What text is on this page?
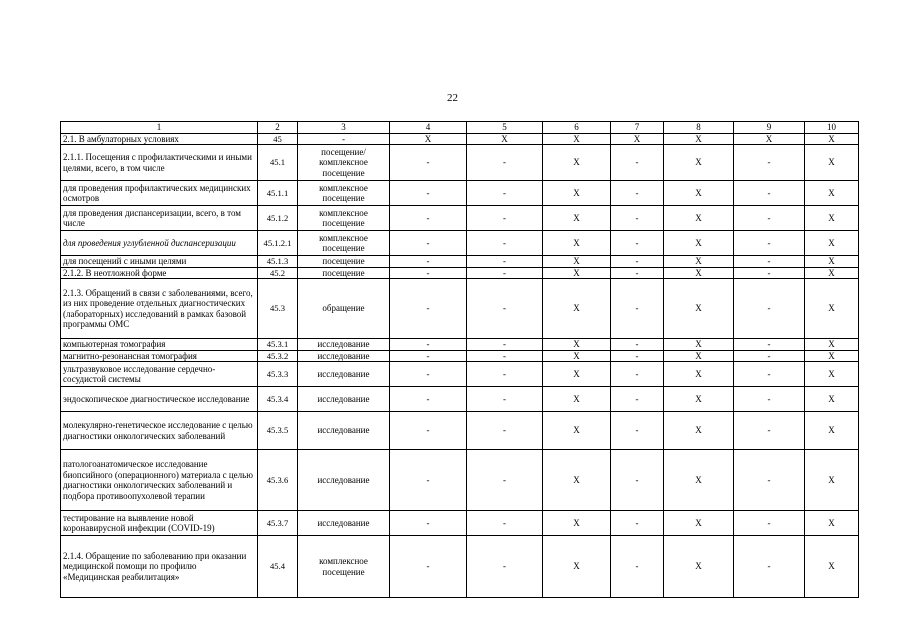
22
1	2	3	4	5	6	7	8	9	10
2.1. В амбулаторных условиях	45	-	X	X	X	X	X	X	X
2.1.1. Посещения с профилактическими и иными целями, всего, в том числе	45.1	посещение/ комплексное посещение	-	-	X	-	X	-	X
для проведения профилактических медицинских осмотров	45.1.1	комплексное посещение	-	-	X	-	X	-	X
для проведения диспансеризации, всего, в том числе	45.1.2	комплексное посещение	-	-	X	-	X	-	X
для проведения углубленной диспансеризации	45.1.2.1	комплексное посещение	-	-	X	-	X	-	X
для посещений с иными целями	45.1.3	посещение	-	-	X	-	X	-	X
2.1.2. В неотложной форме	45.2	посещение	-	-	X	-	X	-	X
2.1.3. Обращений в связи с заболеваниями, всего, из них проведение отдельных диагностических (лабораторных) исследований в рамках базовой программы ОМС	45.3	обращение	-	-	X	-	X	-	X
компьютерная томография	45.3.1	исследование	-	-	X	-	X	-	X
магнитно-резонансная томография	45.3.2	исследование	-	-	X	-	X	-	X
ультразвуковое исследование сердечно-сосудистой системы	45.3.3	исследование	-	-	X	-	X	-	X
эндоскопическое диагностическое исследование	45.3.4	исследование	-	-	X	-	X	-	X
молекулярно-генетическое исследование с целью диагностики онкологических заболеваний	45.3.5	исследование	-	-	X	-	X	-	X
патологоанатомическое исследование биопсийного (операционного) материала с целью диагностики онкологических заболеваний и подбора противоопухолевой терапии	45.3.6	исследование	-	-	X	-	X	-	X
тестирование на выявление новой коронавирусной инфекции (COVID-19)	45.3.7	исследование	-	-	X	-	X	-	X
2.1.4. Обращение по заболеванию при оказании медицинской помощи по профилю «Медицинская реабилитация»	45.4	комплексное посещение	-	-	X	-	X	-	X
